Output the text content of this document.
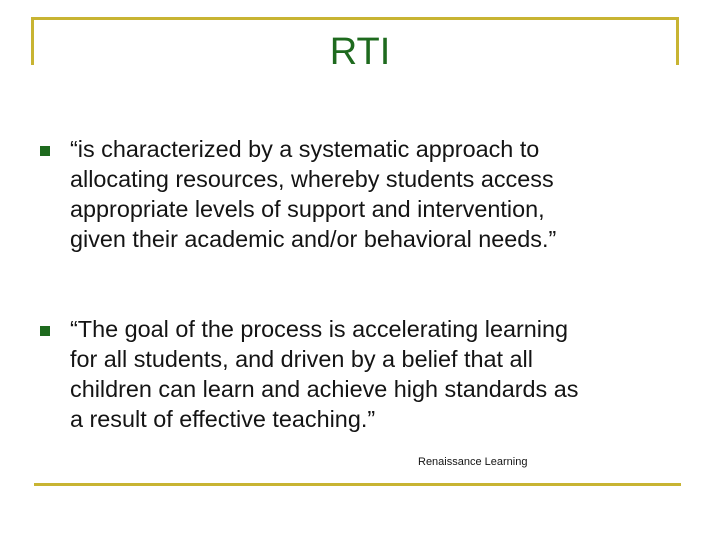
RTI
“is characterized by a systematic approach to
allocating resources, whereby students access
appropriate levels of support and intervention,
given their academic and/or behavioral needs.”
“The goal of the process is accelerating learning
for all students, and driven by a belief that all
children can learn and achieve high standards as
a result of effective teaching.”
Renaissance Learning
